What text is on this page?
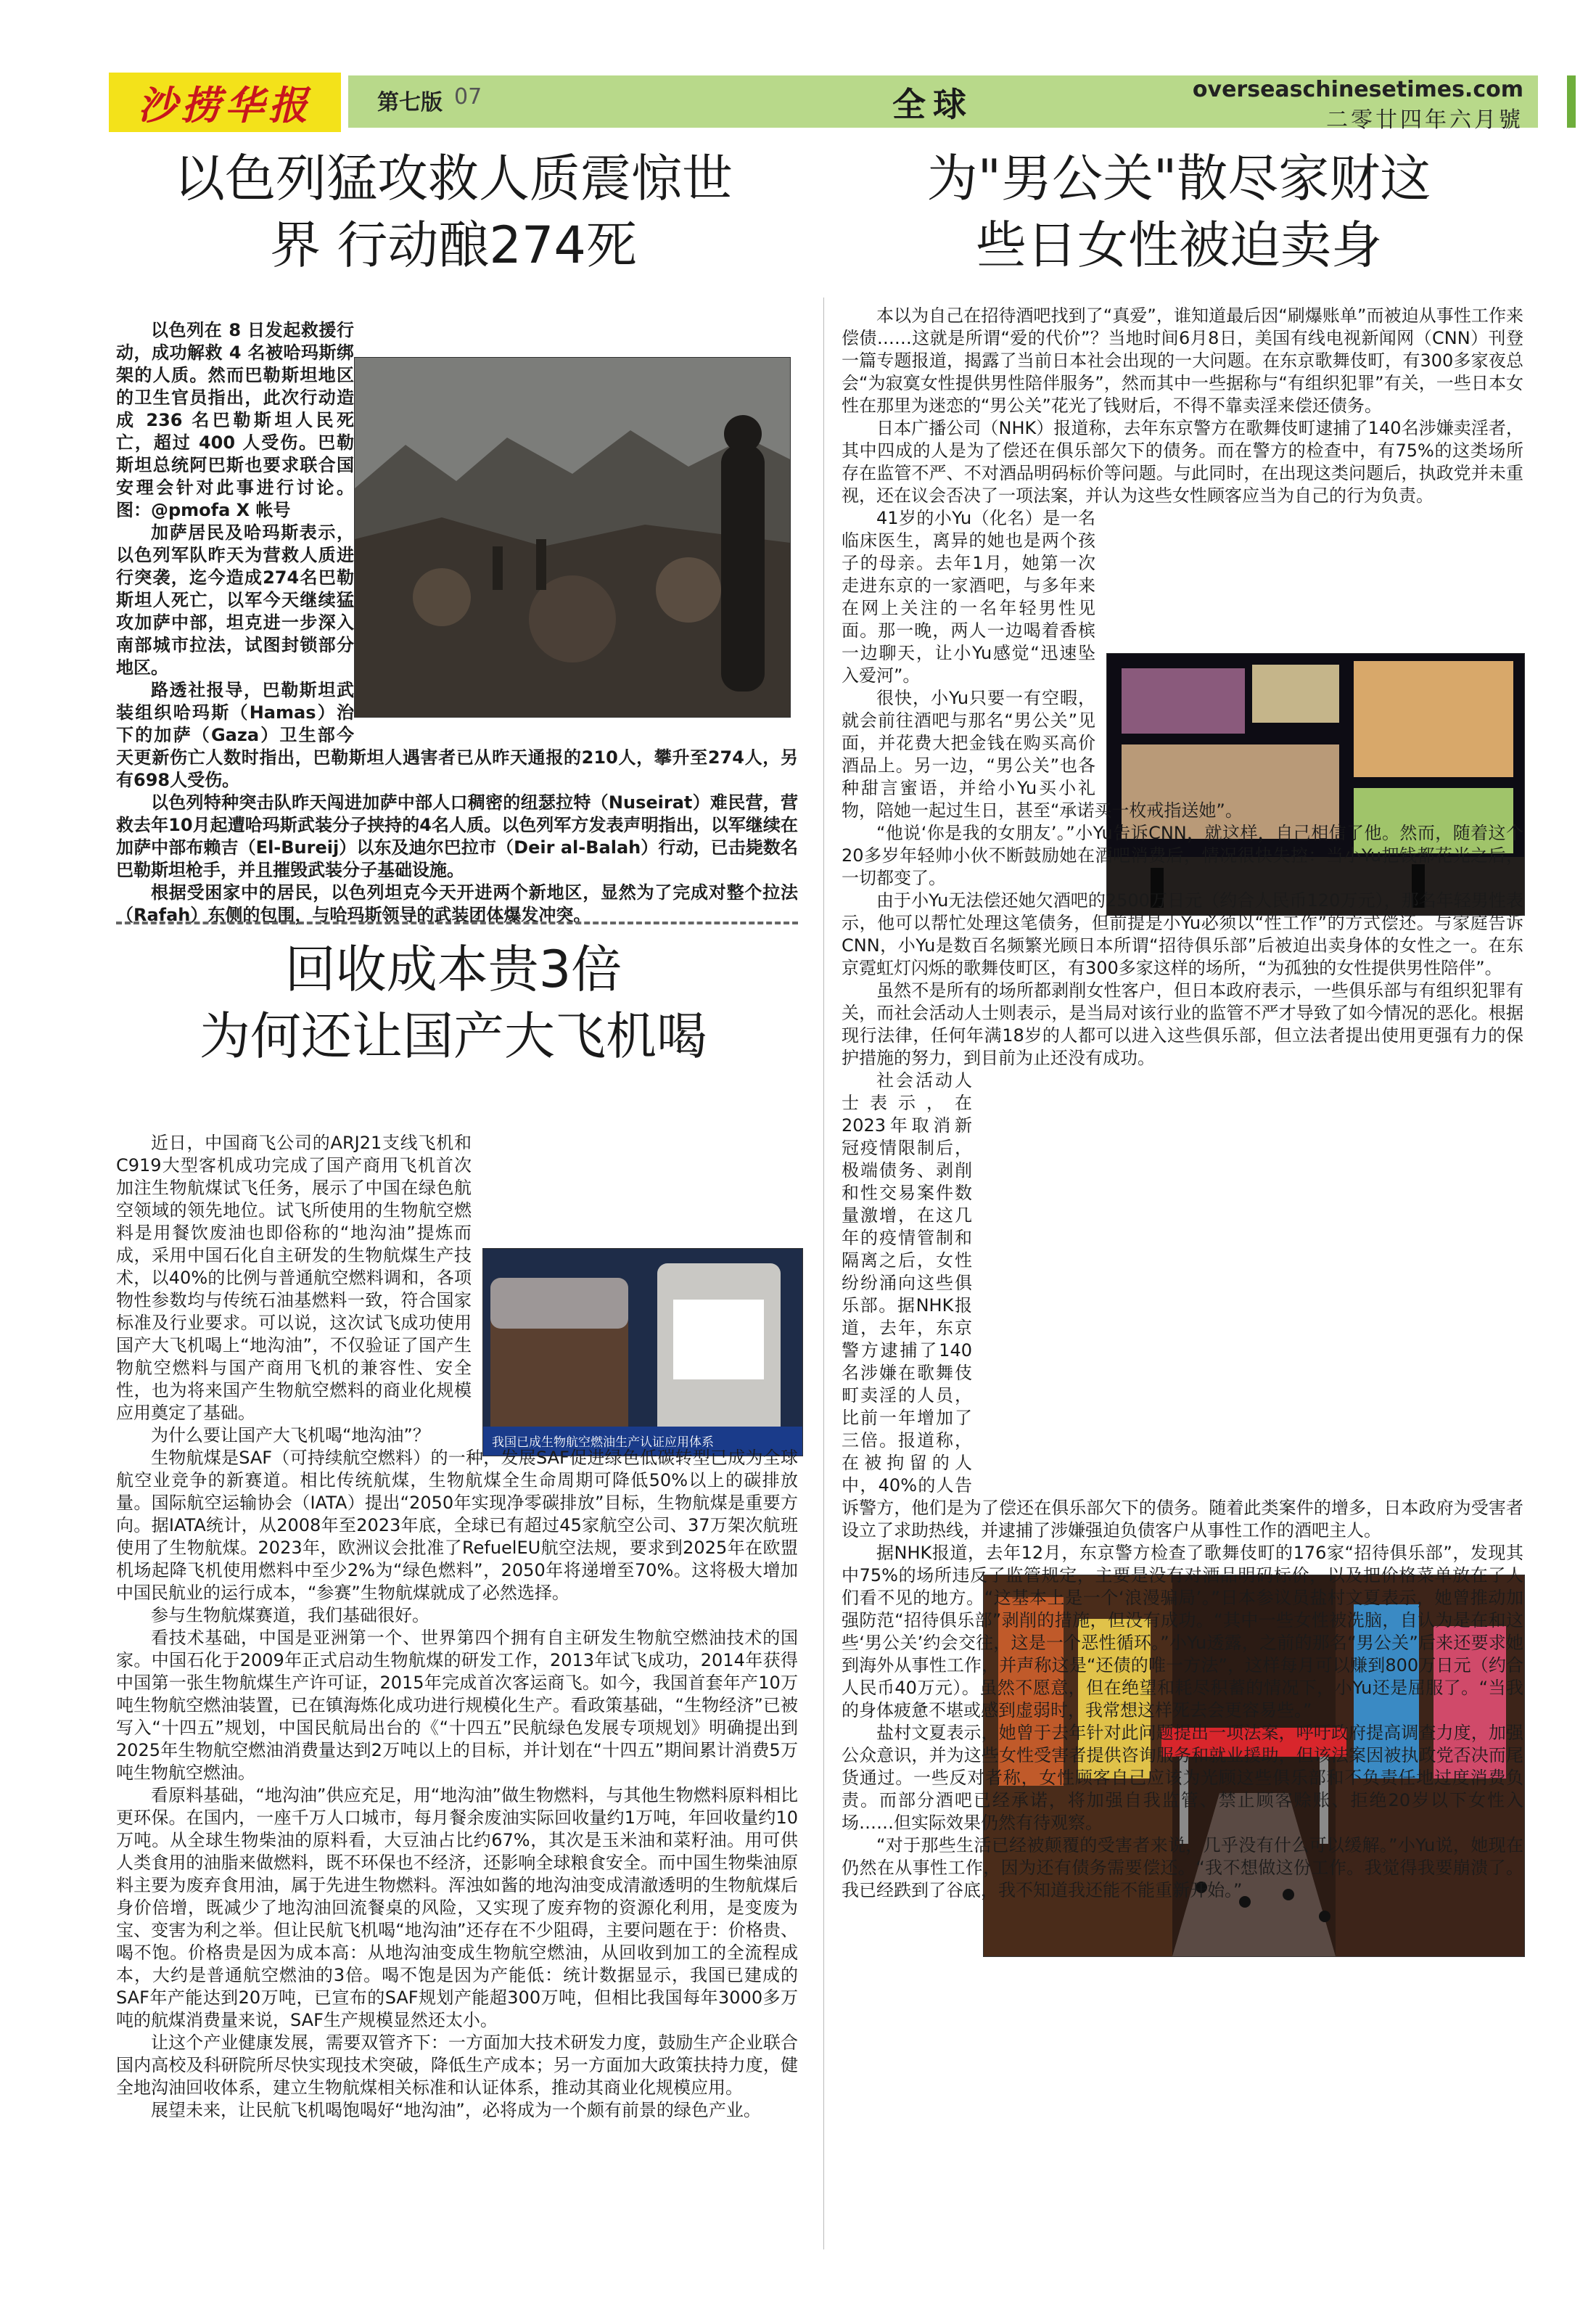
沙捞华报	第七版 07	全球	overseaschinesetimes.com
二零廿四年六月號
以色列猛攻救人质震惊世
界 行动酿274死

以色列在 8 日发起救援行动，成功解救 4 名被哈玛斯绑架的人质。然而巴勒斯坦地区的卫生官员指出，此次行动造成 236 名巴勒斯坦人民死亡，超过 400 人受伤。巴勒斯坦总统阿巴斯也要求联合国安理会针对此事进行讨论。图：@pmofa X 帐号

加萨居民及哈玛斯表示，以色列军队昨天为营救人质进行突袭，迄今造成274名巴勒斯坦人死亡，以军今天继续猛攻加萨中部，坦克进一步深入南部城市拉法，试图封锁部分地区。

路透社报导，巴勒斯坦武装组织哈玛斯（Hamas）治下的加萨（Gaza）卫生部今天更新伤亡人数时指出，巴勒斯坦人遇害者已从昨天通报的210人，攀升至274人，另有698人受伤。

以色列特种突击队昨天闯进加萨中部人口稠密的纽瑟拉特（Nuseirat）难民营，营救去年10月起遭哈玛斯武装分子挟持的4名人质。以色列军方发表声明指出，以军继续在加萨中部布赖吉（El-Bureij）以东及迪尔巴拉市（Deir al-Balah）行动，已击毙数名巴勒斯坦枪手，并且摧毁武装分子基础设施。

根据受困家中的居民，以色列坦克今天开进两个新地区，显然为了完成对整个拉法（Rafah）东侧的包围，与哈玛斯领导的武装团体爆发冲突。

回收成本贵3倍
为何还让国产大飞机喝
我国已成生物航空燃油生产认证应用体系

近日，中国商飞公司的ARJ21支线飞机和C919大型客机成功完成了国产商用飞机首次加注生物航煤试飞任务，展示了中国在绿色航空领域的领先地位。试飞所使用的生物航空燃料是用餐饮废油也即俗称的“地沟油”提炼而成，采用中国石化自主研发的生物航煤生产技术，以40%的比例与普通航空燃料调和，各项物性参数均与传统石油基燃料一致，符合国家标准及行业要求。可以说，这次试飞成功使用国产大飞机喝上“地沟油”，不仅验证了国产生物航空燃料与国产商用飞机的兼容性、安全性，也为将来国产生物航空燃料的商业化规模应用奠定了基础。

为什么要让国产大飞机喝“地沟油”？

生物航煤是SAF（可持续航空燃料）的一种，发展SAF促进绿色低碳转型已成为全球航空业竞争的新赛道。相比传统航煤，生物航煤全生命周期可降低50%以上的碳排放量。国际航空运输协会（IATA）提出“2050年实现净零碳排放”目标，生物航煤是重要方向。据IATA统计，从2008年至2023年底，全球已有超过45家航空公司、37万架次航班使用了生物航煤。2023年，欧洲议会批准了RefuelEU航空法规，要求到2025年在欧盟机场起降飞机使用燃料中至少2%为“绿色燃料”，2050年将递增至70%。这将极大增加中国民航业的运行成本，“参赛”生物航煤就成了必然选择。

参与生物航煤赛道，我们基础很好。

看技术基础，中国是亚洲第一个、世界第四个拥有自主研发生物航空燃油技术的国家。中国石化于2009年正式启动生物航煤的研发工作，2013年试飞成功，2014年获得中国第一张生物航煤生产许可证，2015年完成首次客运商飞。如今，我国首套年产10万吨生物航空燃油装置，已在镇海炼化成功进行规模化生产。看政策基础，“生物经济”已被写入“十四五”规划，中国民航局出台的《“十四五”民航绿色发展专项规划》明确提出到2025年生物航空燃油消费量达到2万吨以上的目标，并计划在“十四五”期间累计消费5万吨生物航空燃油。

看原料基础，“地沟油”供应充足，用“地沟油”做生物燃料，与其他生物燃料原料相比更环保。在国内，一座千万人口城市，每月餐余废油实际回收量约1万吨，年回收量约10万吨。从全球生物柴油的原料看，大豆油占比约67%，其次是玉米油和菜籽油。用可供人类食用的油脂来做燃料，既不环保也不经济，还影响全球粮食安全。而中国生物柴油原料主要为废弃食用油，属于先进生物燃料。浑浊如酱的地沟油变成清澈透明的生物航煤后身价倍增，既减少了地沟油回流餐桌的风险，又实现了废弃物的资源化利用，是变废为宝、变害为利之举。但让民航飞机喝“地沟油”还存在不少阻碍，主要问题在于：价格贵、喝不饱。价格贵是因为成本高：从地沟油变成生物航空燃油，从回收到加工的全流程成本，大约是普通航空燃油的3倍。喝不饱是因为产能低：统计数据显示，我国已建成的SAF年产能达到20万吨，已宣布的SAF规划产能超300万吨，但相比我国每年3000多万吨的航煤消费量来说，SAF生产规模显然还太小。

让这个产业健康发展，需要双管齐下：一方面加大技术研发力度，鼓励生产企业联合国内高校及科研院所尽快实现技术突破，降低生产成本；另一方面加大政策扶持力度，健全地沟油回收体系，建立生物航煤相关标准和认证体系，推动其商业化规模应用。

展望未来，让民航飞机喝饱喝好“地沟油”，必将成为一个颇有前景的绿色产业。

为"男公关"散尽家财这
些日女性被迫卖身

本以为自己在招待酒吧找到了“真爱”，谁知道最后因“刷爆账单”而被迫从事性工作来偿债……这就是所谓“爱的代价”？当地时间6月8日，美国有线电视新闻网（CNN）刊登一篇专题报道，揭露了当前日本社会出现的一大问题。在东京歌舞伎町，有300多家夜总会“为寂寞女性提供男性陪伴服务”，然而其中一些据称与“有组织犯罪”有关，一些日本女性在那里为迷恋的“男公关”花光了钱财后，不得不靠卖淫来偿还债务。

日本广播公司（NHK）报道称，去年东京警方在歌舞伎町逮捕了140名涉嫌卖淫者，其中四成的人是为了偿还在俱乐部欠下的债务。而在警方的检查中，有75%的这类场所存在监管不严、不对酒品明码标价等问题。与此同时，在出现这类问题后，执政党并未重视，还在议会否决了一项法案，并认为这些女性顾客应当为自己的行为负责。

41岁的小Yu（化名）是一名临床医生，离异的她也是两个孩子的母亲。去年1月，她第一次走进东京的一家酒吧，与多年来在网上关注的一名年轻男性见面。那一晚，两人一边喝着香槟一边聊天，让小Yu感觉“迅速坠入爱河”。

很快，小Yu只要一有空暇，就会前往酒吧与那名“男公关”见面，并花费大把金钱在购买高价酒品上。另一边，“男公关”也各种甜言蜜语，并给小Yu买小礼物，陪她一起过生日，甚至“承诺买一枚戒指送她”。

“他说‘你是我的女朋友’。”小Yu告诉CNN，就这样，自己相信了他。然而，随着这个20多岁年轻帅小伙不断鼓励她在酒吧消费后，情况很快失控：当小Yu把钱都花光之后，一切都变了。

由于小Yu无法偿还她欠酒吧的2500万日元（约合人民币120万元），那名年轻男性表示，他可以帮忙处理这笔债务，但前提是小Yu必须以“性工作”的方式偿还。与家庭告诉CNN，小Yu是数百名频繁光顾日本所谓“招待俱乐部”后被迫出卖身体的女性之一。在东京霓虹灯闪烁的歌舞伎町区，有300多家这样的场所，“为孤独的女性提供男性陪伴”。

虽然不是所有的场所都剥削女性客户，但日本政府表示，一些俱乐部与有组织犯罪有关，而社会活动人士则表示，是当局对该行业的监管不严才导致了如今情况的恶化。根据现行法律，任何年满18岁的人都可以进入这些俱乐部，但立法者提出使用更强有力的保护措施的努力，到目前为止还没有成功。

社会活动人士表示，在2023年取消新冠疫情限制后，极端债务、剥削和性交易案件数量激增，在这几年的疫情管制和隔离之后，女性纷纷涌向这些俱乐部。据NHK报道，去年，东京警方逮捕了140名涉嫌在歌舞伎町卖淫的人员，比前一年增加了三倍。报道称，在被拘留的人中，40%的人告诉警方，他们是为了偿还在俱乐部欠下的债务。随着此类案件的增多，日本政府为受害者设立了求助热线，并逮捕了涉嫌强迫负债客户从事性工作的酒吧主人。

据NHK报道，去年12月，东京警方检查了歌舞伎町的176家“招待俱乐部”，发现其中75%的场所违反了监管规定，主要是没有对酒品明码标价，以及把价格菜单放在了人们看不见的地方。“这基本上是一个‘浪漫骗局’。”日本参议员盐村文夏表示，她曾推动加强防范“招待俱乐部”剥削的措施，但没有成功。“其中一些女性被洗脑，自认为是在和这些‘男公关’约会交往，这是一个恶性循环。”小Yu透露，之前的那名“男公关”后来还要求她到海外从事性工作，并声称这是“还债的唯一方法”，这样每月可以赚到800万日元（约合人民币40万元）。虽然不愿意，但在绝望和耗尽积蓄的情况下，小Yu还是屈服了。“当我的身体疲惫不堪或感到虚弱时，我常想这样死去会更容易些。”

盐村文夏表示，她曾于去年针对此问题提出一项法案，呼吁政府提高调查力度，加强公众意识，并为这些女性受害者提供咨询服务和就业援助，但该法案因被执政党否决而尾货通过。一些反对者称，女性顾客自己应该为光顾这些俱乐部和不负责任地过度消费负责。而部分酒吧已经承诺，将加强自我监管、禁止顾客赊账、拒绝20岁以下女性入场……但实际效果仍然有待观察。

“对于那些生活已经被颠覆的受害者来说，几乎没有什么可以缓解。”小Yu说，她现在仍然在从事性工作，因为还有债务需要偿还。“我不想做这份工作。我觉得我要崩溃了。我已经跌到了谷底，我不知道我还能不能重新开始。”
